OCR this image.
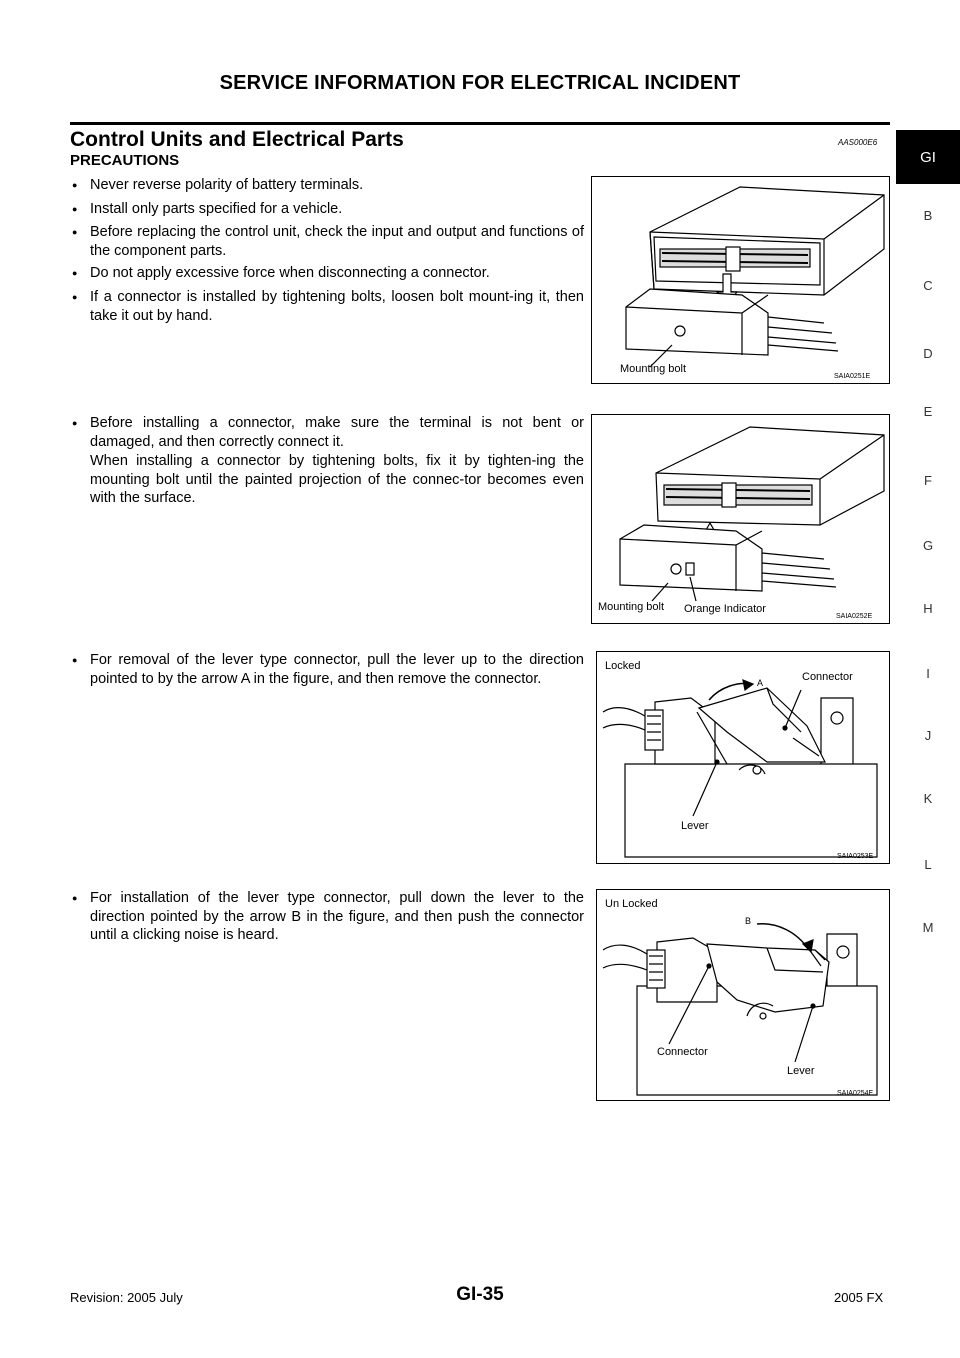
SERVICE INFORMATION FOR ELECTRICAL INCIDENT
Control Units and Electrical Parts	AAS000E6
PRECAUTIONS
● Never reverse polarity of battery terminals.
● Install only parts specified for a vehicle.
● Before replacing the control unit, check the input and output and functions of the component parts.
● Do not apply excessive force when disconnecting a connector.
● If a connector is installed by tightening bolts, loosen bolt mount-ing it, then take it out by hand.
● Before installing a connector, make sure the terminal is not bent or damaged, and then correctly connect it.
When installing a connector by tightening bolts, fix it by tighten-ing the mounting bolt until the painted projection of the connec-tor becomes even with the surface.
● For removal of the lever type connector, pull the lever up to the direction pointed to by the arrow A in the figure, and then remove the connector.
● For installation of the lever type connector, pull down the lever to the direction pointed by the arrow B in the figure, and then push the connector until a clicking noise is heard.
Mounting bolt
SAIA0251E
Mounting bolt Orange Indicator
SAIA0252E
Locked
A	Connector
Lever
SAIA0253E
Un Locked
B
Connector
Lever
SAIA0254E
GI
B
C
D
E
F
G
H
I
J
K
L
M
Revision: 2005 July	GI-35	2005 FX
